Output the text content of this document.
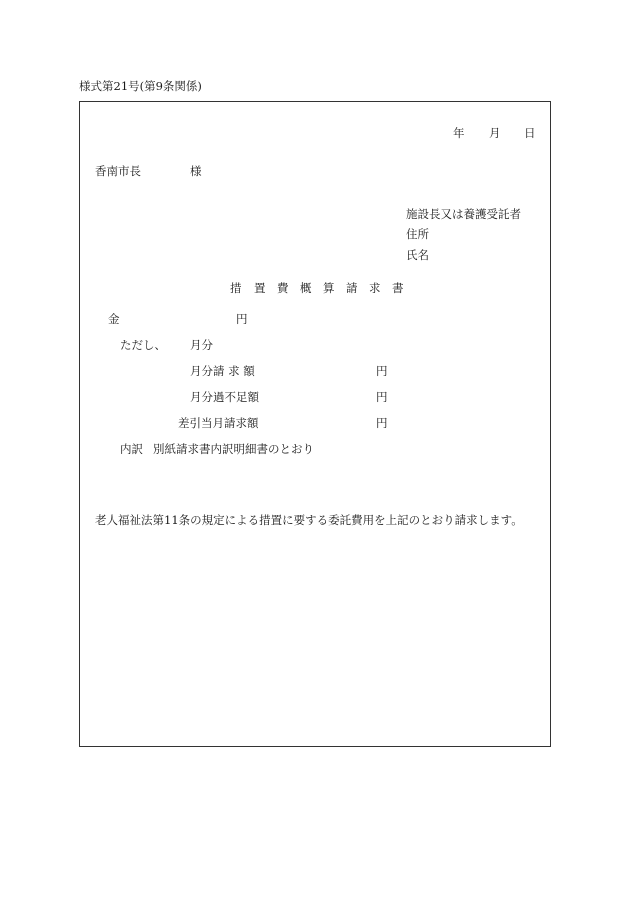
様式第21号(第9条関係)
年 月 日
香南市長	様
施設長又は養護受託者
住所
氏名
措 置 費 概 算 請 求 書
金	円
ただし、 月分
月分請 求 額	円
月分過不足額	円
差引当月請求額	円
内訳 別紙請求書内訳明細書のとおり
老人福祉法第11条の規定による措置に要する委託費用を上記のとおり請求します。
